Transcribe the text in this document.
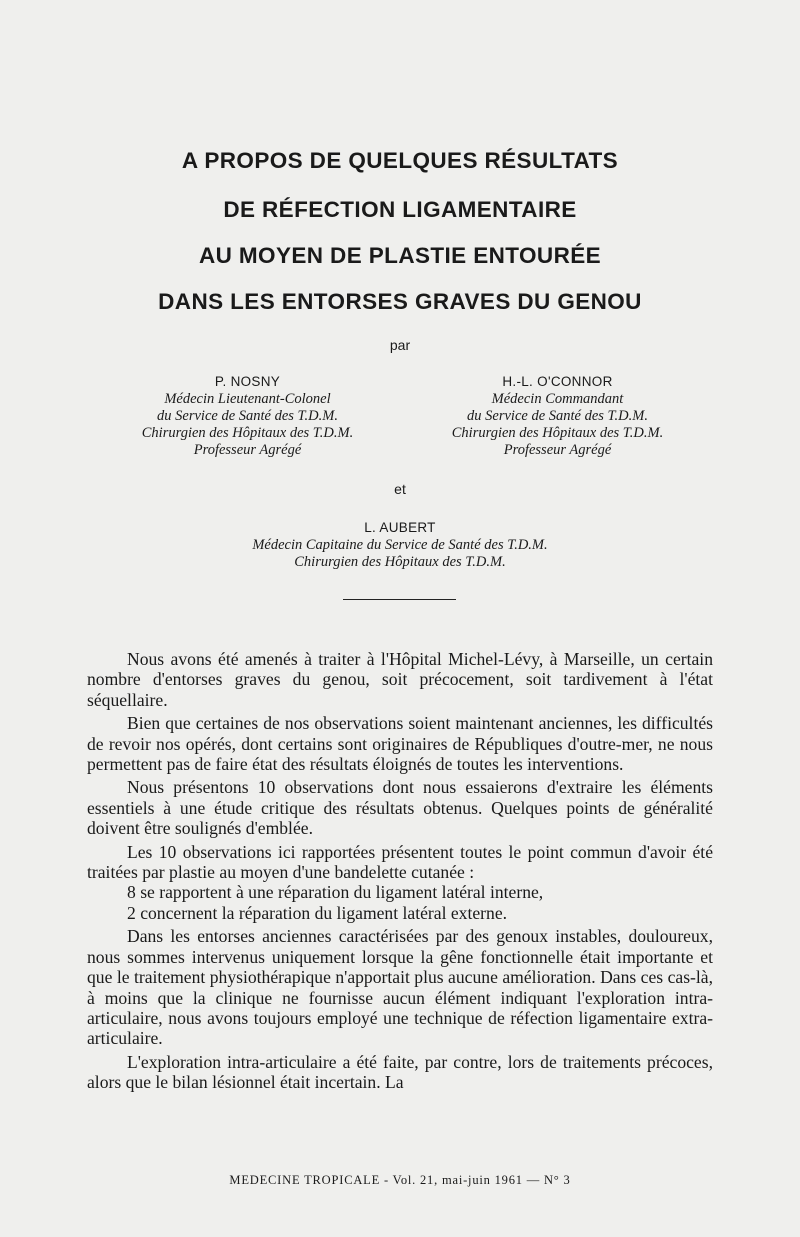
A PROPOS DE QUELQUES RÉSULTATS
DE RÉFECTION LIGAMENTAIRE
AU MOYEN DE PLASTIE ENTOURÉE
DANS LES ENTORSES GRAVES DU GENOU
par
P. NOSNY
Médecin Lieutenant-Colonel
du Service de Santé des T.D.M.
Chirurgien des Hôpitaux des T.D.M.
Professeur Agrégé
H.-L. O'CONNOR
Médecin Commandant
du Service de Santé des T.D.M.
Chirurgien des Hôpitaux des T.D.M.
Professeur Agrégé
et
L. AUBERT
Médecin Capitaine du Service de Santé des T.D.M.
Chirurgien des Hôpitaux des T.D.M.

Nous avons été amenés à traiter à l'Hôpital Michel-Lévy, à Marseille, un certain nombre d'entorses graves du genou, soit précocement, soit tardivement à l'état séquellaire.

Bien que certaines de nos observations soient maintenant anciennes, les difficultés de revoir nos opérés, dont certains sont originaires de Républiques d'outre-mer, ne nous permettent pas de faire état des résultats éloignés de toutes les interventions.

Nous présentons 10 observations dont nous essaierons d'extraire les éléments essentiels à une étude critique des résultats obtenus. Quelques points de généralité doivent être soulignés d'emblée.

Les 10 observations ici rapportées présentent toutes le point commun d'avoir été traitées par plastie au moyen d'une bandelette cutanée :

8 se rapportent à une réparation du ligament latéral interne,

2 concernent la réparation du ligament latéral externe.

Dans les entorses anciennes caractérisées par des genoux instables, douloureux, nous sommes intervenus uniquement lorsque la gêne fonctionnelle était importante et que le traitement physiothérapique n'apportait plus aucune amélioration. Dans ces cas-là, à moins que la clinique ne fournisse aucun élément indiquant l'exploration intra-articulaire, nous avons toujours employé une technique de réfection ligamentaire extra-articulaire.

L'exploration intra-articulaire a été faite, par contre, lors de traitements précoces, alors que le bilan lésionnel était incertain. La

MEDECINE TROPICALE - Vol. 21, mai-juin 1961 — N° 3
